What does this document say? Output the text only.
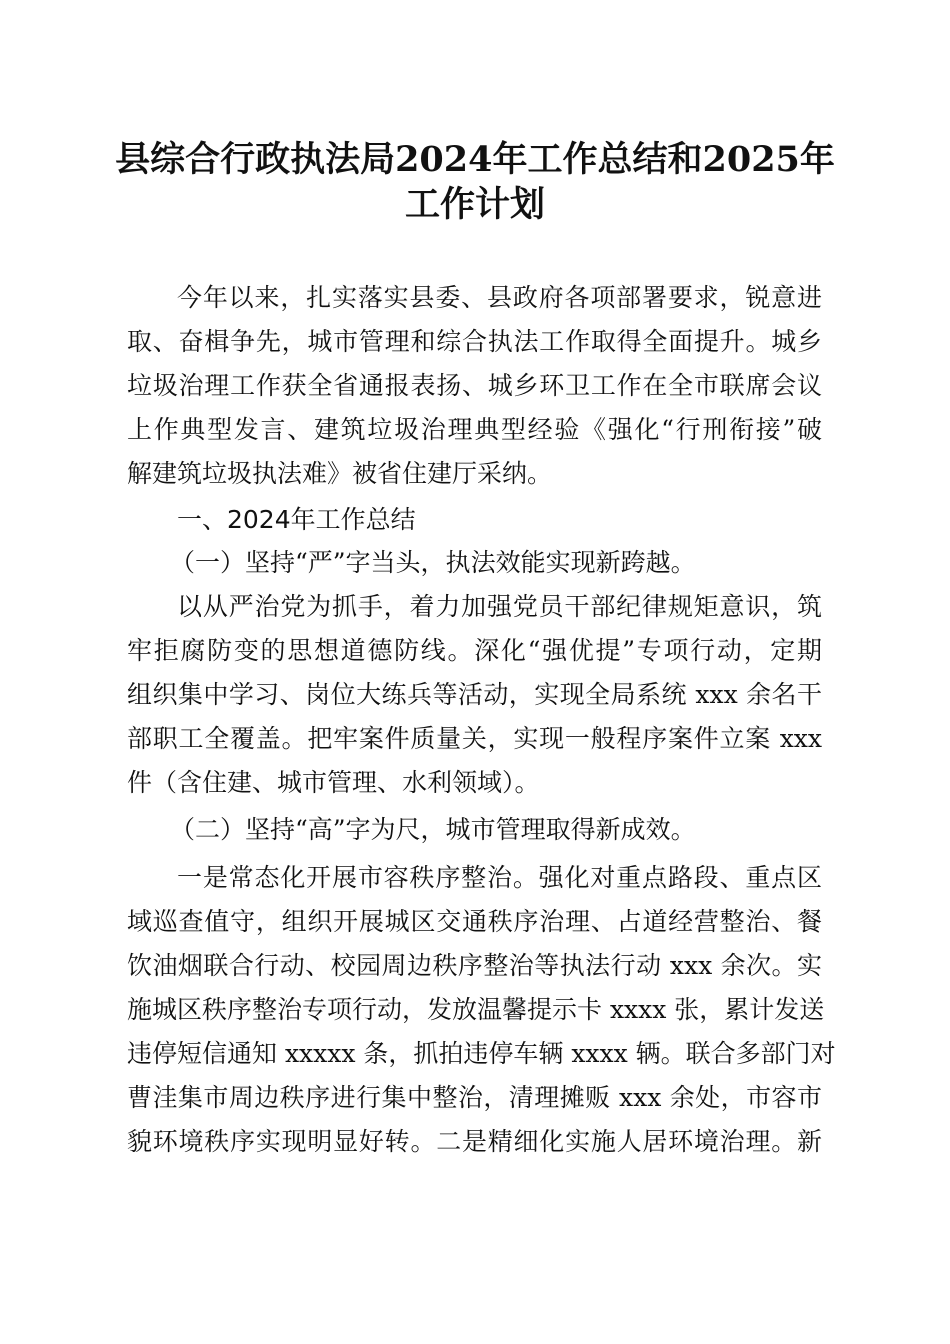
县综合行政执法局2024年工作总结和2025年
工作计划
今年以来，扎实落实县委、县政府各项部署要求，锐意进
取、奋楫争先，城市管理和综合执法工作取得全面提升。城乡
垃圾治理工作获全省通报表扬、城乡环卫工作在全市联席会议
上作典型发言、建筑垃圾治理典型经验《强化“行刑衔接”破
解建筑垃圾执法难》被省住建厅采纳。
一、2024年工作总结
（一）坚持“严”字当头，执法效能实现新跨越。
以从严治党为抓手，着力加强党员干部纪律规矩意识，筑
牢拒腐防变的思想道德防线。深化“强优提”专项行动，定期
组织集中学习、岗位大练兵等活动，实现全局系统 xxx 余名干
部职工全覆盖。把牢案件质量关，实现一般程序案件立案 xxx
件（含住建、城市管理、水利领域）。
（二）坚持“高”字为尺，城市管理取得新成效。
一是常态化开展市容秩序整治。强化对重点路段、重点区
域巡查值守，组织开展城区交通秩序治理、占道经营整治、餐
饮油烟联合行动、校园周边秩序整治等执法行动 xxx 余次。实
施城区秩序整治专项行动，发放温馨提示卡 xxxx 张，累计发送
违停短信通知 xxxxx 条，抓拍违停车辆 xxxx 辆。联合多部门对
曹洼集市周边秩序进行集中整治，清理摊贩 xxx 余处，市容市
貌环境秩序实现明显好转。二是精细化实施人居环境治理。新
